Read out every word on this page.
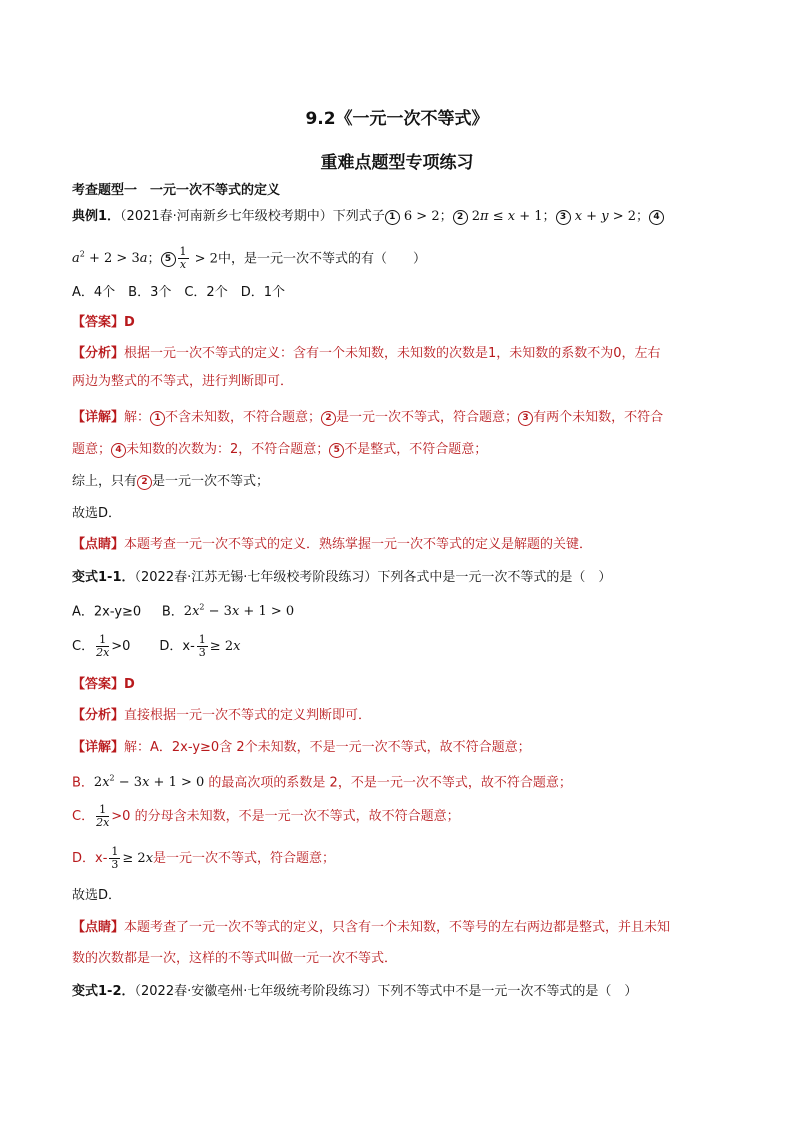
9.2《一元一次不等式》
重难点题型专项练习
考查题型一　一元一次不等式的定义
典例1．（2021春·河南新乡七年级校考期中）下列式子 1 6 > 2； 2 2π ≤ x + 1； 3 x + y > 2； 4
$a^2 + 2 > 3a$； $5 \frac{1}{x} > 2$中，是一元一次不等式的有（　　）
A．4个　B．3个　C．2个　D．1个
【答案】D
【分析】根据一元一次不等式的定义：含有一个未知数，未知数的次数是1，未知数的系数不为0，左右
两边为整式的不等式，进行判断即可．
【详解】解： 1 不含未知数，不符合题意； 2 是一元一次不等式，符合题意； 3 有两个未知数，不符合
题意； 4 未知数的次数为：2，不符合题意； 5 不是整式，不符合题意；
综上，只有 2 是一元一次不等式；
故选D．
【点睛】本题考查一元一次不等式的定义．熟练掌握一元一次不等式的定义是解题的关键．
变式1-1．（2022春·江苏无锡·七年级校考阶段练习）下列各式中是一元一次不等式的是（　）
A．2x-y≥0 B．$2x^2 - 3x + 1 > 0$
C． $\frac{1}{2x} >0$ D．$x- \frac{1}{3} \ge 2x$
【答案】D
【分析】直接根据一元一次不等式的定义判断即可．
【详解】解：A．2x-y≥0含 2个未知数，不是一元一次不等式，故不符合题意；
B．$2x^2 - 3x + 1 > 0$ 的最高次项的系数是 2，不是一元一次不等式，故不符合题意；
C． $\frac{1}{2x} >0$ 的分母含未知数，不是一元一次不等式，故不符合题意；
D．$x- \frac{1}{3} \ge 2x$是一元一次不等式，符合题意；
故选D．
【点睛】本题考查了一元一次不等式的定义，只含有一个未知数，不等号的左右两边都是整式，并且未知
数的次数都是一次，这样的不等式叫做一元一次不等式．
变式1-2．（2022春·安徽亳州·七年级统考阶段练习）下列不等式中不是一元一次不等式的是（　）
